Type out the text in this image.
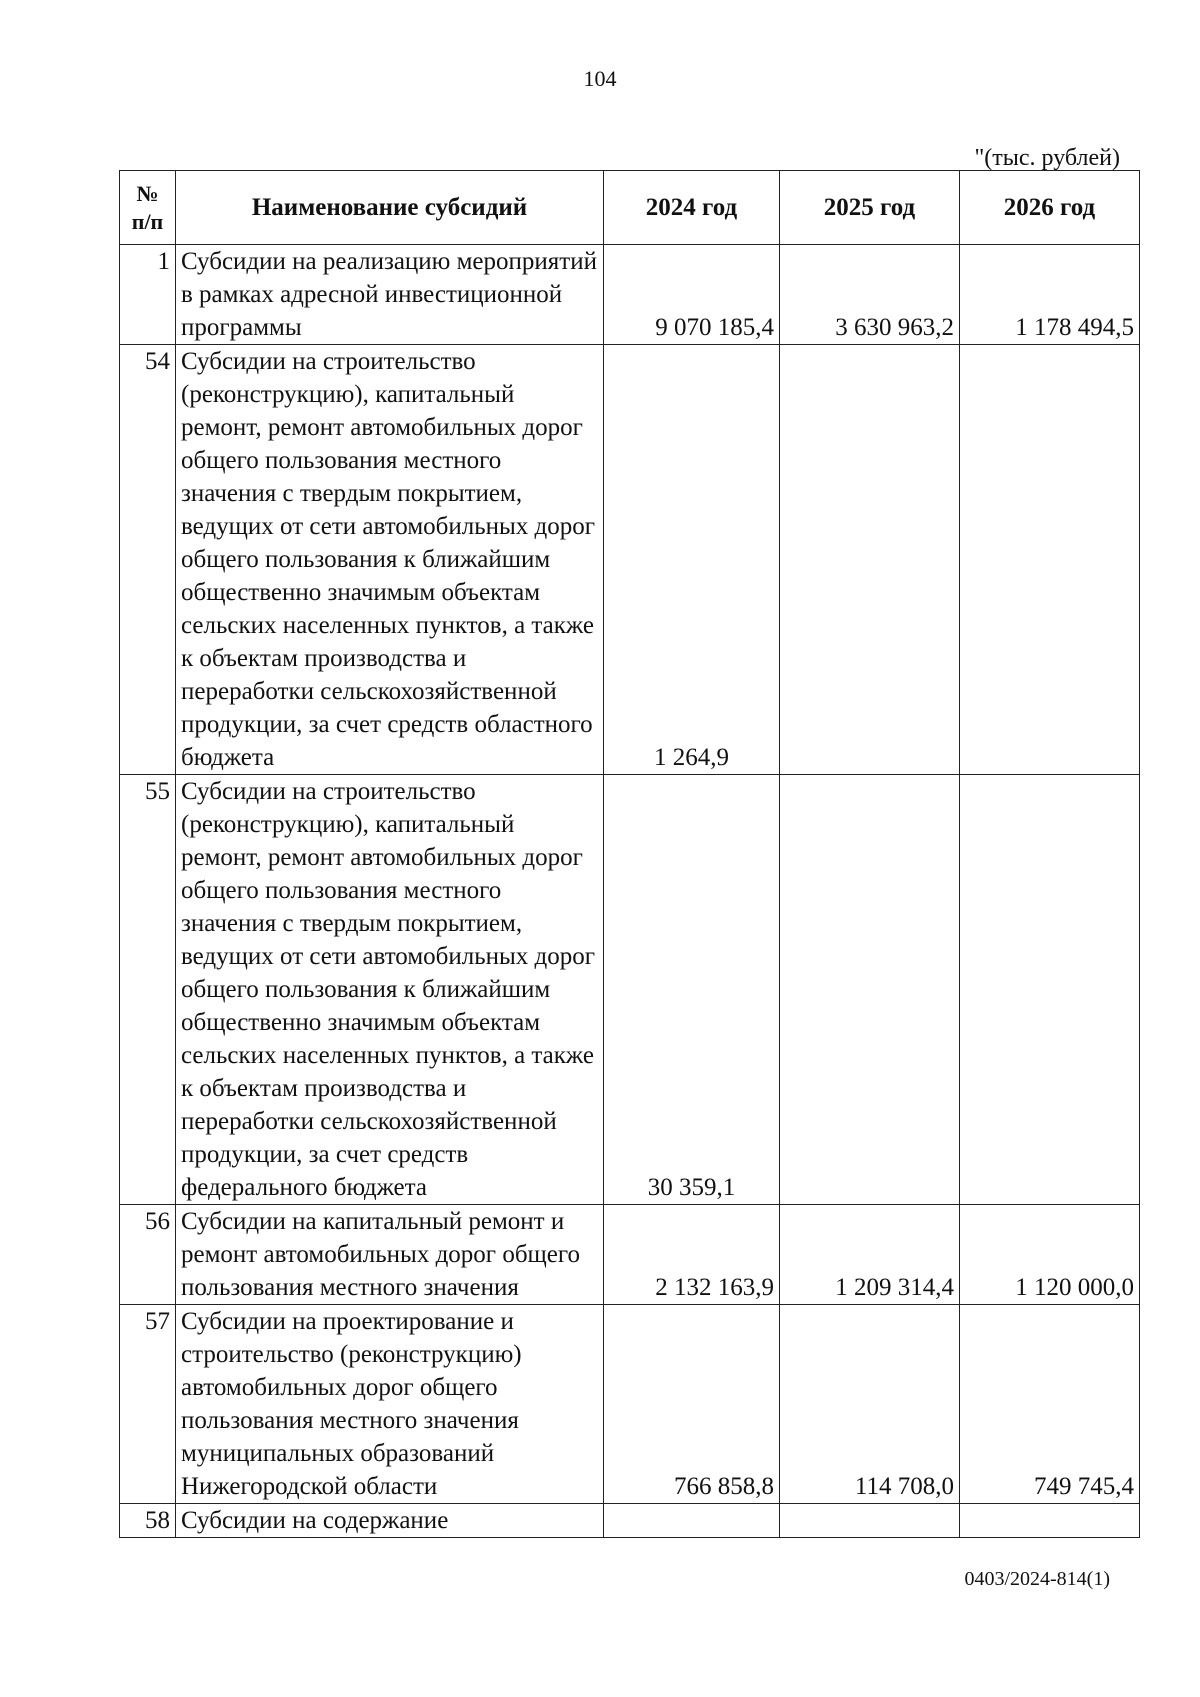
104
"(тыс. рублей)
№ п/п	Наименование субсидий	2024 год	2025 год	2026 год
1	Субсидии на реализацию мероприятий в рамках адресной инвестиционной программы	9 070 185,4	3 630 963,2	1 178 494,5
54	Субсидии на строительство (реконструкцию), капитальный ремонт, ремонт автомобильных дорог общего пользования местного значения с твердым покрытием, ведущих от сети автомобильных дорог общего пользования к ближайшим общественно значимым объектам сельских населенных пунктов, а также к объектам производства и переработки сельскохозяйственной продукции, за счет средств областного бюджета	1 264,9		
55	Субсидии на строительство (реконструкцию), капитальный ремонт, ремонт автомобильных дорог общего пользования местного значения с твердым покрытием, ведущих от сети автомобильных дорог общего пользования к ближайшим общественно значимым объектам сельских населенных пунктов, а также к объектам производства и переработки сельскохозяйственной продукции, за счет средств федерального бюджета	30 359,1		
56	Субсидии на капитальный ремонт и ремонт автомобильных дорог общего пользования местного значения	2 132 163,9	1 209 314,4	1 120 000,0
57	Субсидии на проектирование и строительство (реконструкцию) автомобильных дорог общего пользования местного значения муниципальных образований Нижегородской области	766 858,8	114 708,0	749 745,4
58	Субсидии на содержание			
0403/2024-814(1)
